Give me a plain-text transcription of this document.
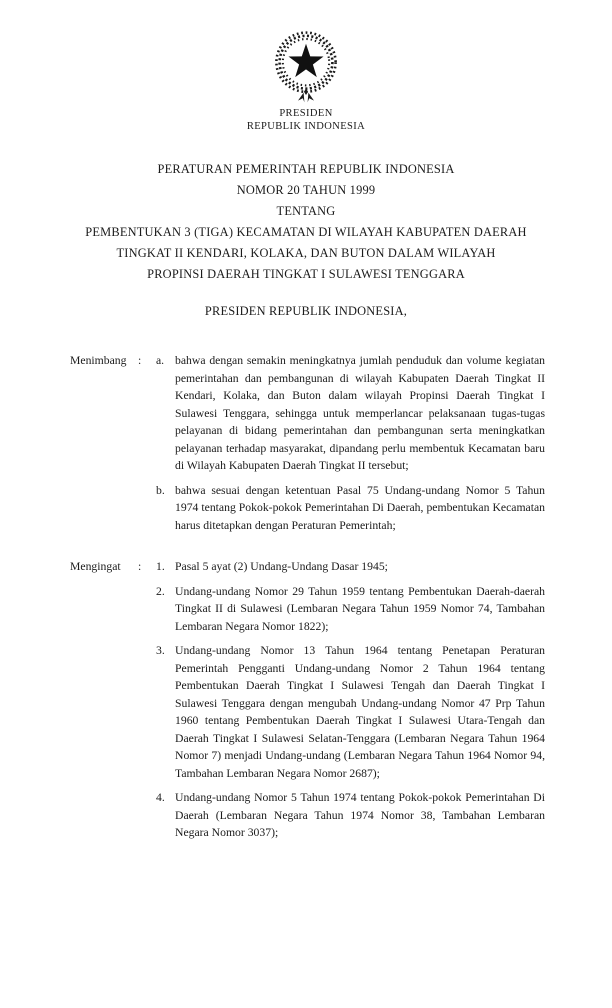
PRESIDEN
REPUBLIK INDONESIA
PERATURAN PEMERINTAH REPUBLIK INDONESIA
NOMOR 20 TAHUN 1999
TENTANG
PEMBENTUKAN 3 (TIGA) KECAMATAN DI WILAYAH KABUPATEN DAERAH
TINGKAT II KENDARI, KOLAKA, DAN BUTON DALAM WILAYAH
PROPINSI DAERAH TINGKAT I SULAWESI TENGGARA
PRESIDEN REPUBLIK INDONESIA,
Menimbang :	a. bahwa dengan semakin meningkatnya jumlah penduduk dan volume kegiatan pemerintahan dan pembangunan di wilayah Kabupaten Daerah Tingkat II Kendari, Kolaka, dan Buton dalam wilayah Propinsi Daerah Tingkat I Sulawesi Tenggara, sehingga untuk memperlancar pelaksanaan tugas-tugas pelayanan di bidang pemerintahan dan pembangunan serta meningkatkan pelayanan terhadap masyarakat, dipandang perlu membentuk Kecamatan baru di Wilayah Kabupaten Daerah Tingkat II tersebut;
b. bahwa sesuai dengan ketentuan Pasal 75 Undang-undang Nomor 5 Tahun 1974 tentang Pokok-pokok Pemerintahan Di Daerah, pembentukan Kecamatan harus ditetapkan dengan Peraturan Pemerintah;
Mengingat	:	1. Pasal 5 ayat (2) Undang-Undang Dasar 1945;
2. Undang-undang Nomor 29 Tahun 1959 tentang Pembentukan Daerah-daerah Tingkat II di Sulawesi (Lembaran Negara Tahun 1959 Nomor 74, Tambahan Lembaran Negara Nomor 1822);
3. Undang-undang Nomor 13 Tahun 1964 tentang Penetapan Peraturan Pemerintah Pengganti Undang-undang Nomor 2 Tahun 1964 tentang Pembentukan Daerah Tingkat I Sulawesi Tengah dan Daerah Tingkat I Sulawesi Tenggara dengan mengubah Undang-undang Nomor 47 Prp Tahun 1960 tentang Pembentukan Daerah Tingkat I Sulawesi Utara-Tengah dan Daerah Tingkat I Sulawesi Selatan-Tenggara (Lembaran Negara Tahun 1964 Nomor 7) menjadi Undang-undang (Lembaran Negara Tahun 1964 Nomor 94, Tambahan Lembaran Negara Nomor 2687);
4. Undang-undang Nomor 5 Tahun 1974 tentang Pokok-pokok Pemerintahan Di Daerah (Lembaran Negara Tahun 1974 Nomor 38, Tambahan Lembaran Negara Nomor 3037);
